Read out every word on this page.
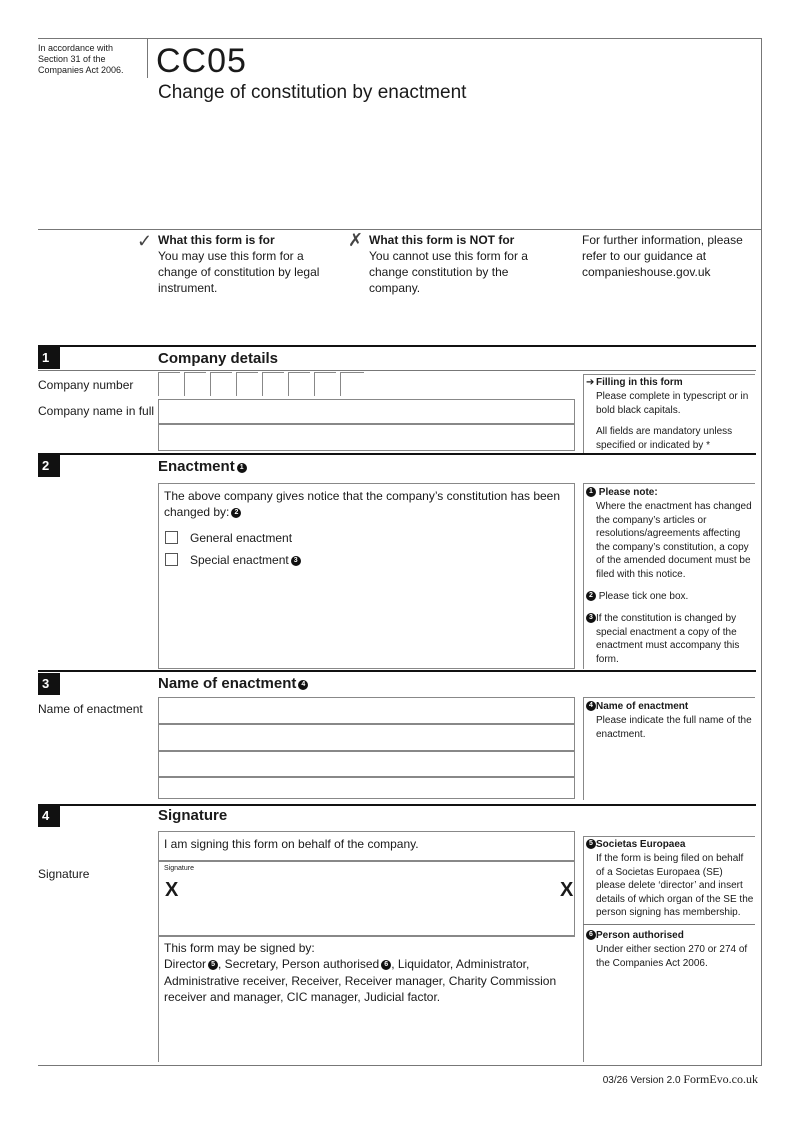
In accordance with Section 31 of the Companies Act 2006. CC05
Change of constitution by enactment
✓ What this form is for
You may use this form for a change of constitution by legal instrument.
✗ What this form is NOT for
You cannot use this form for a change constitution by the company.
For further information, please refer to our guidance at companieshouse.gov.uk
1	Company details
Company number
Company name in full
➔ Filling in this form
Please complete in typescript or in bold black capitals.
All fields are mandatory unless specified or indicated by *
2	Enactment 1
The above company gives notice that the company’s constitution has been changed by: 2
General enactment
Special enactment 3
1 Please note:
Where the enactment has changed the company’s articles or resolutions/agreements affecting the company’s constitution, a copy of the amended document must be filed with this notice.
2 Please tick one box.
3 If the constitution is changed by special enactment a copy of the enactment must accompany this form.
3	Name of enactment 4
Name of enactment	4 Name of enactment
Please indicate the full name of the enactment.
4	Signature
I am signing this form on behalf of the company.
Signature	Signature
X	X
This form may be signed by:
Director 5 , Secretary, Person authorised 6 , Liquidator, Administrator,
Administrative receiver, Receiver, Receiver manager, Charity Commission receiver and manager, CIC manager, Judicial factor.
5 Societas Europaea
If the form is being filed on behalf of a Societas Europaea (SE) please delete ‘director’ and insert details of which organ of the SE the person signing has membership.
6 Person authorised
Under either section 270 or 274 of the Companies Act 2006.
03/26 Version 2.0 FormEvo.co.uk
